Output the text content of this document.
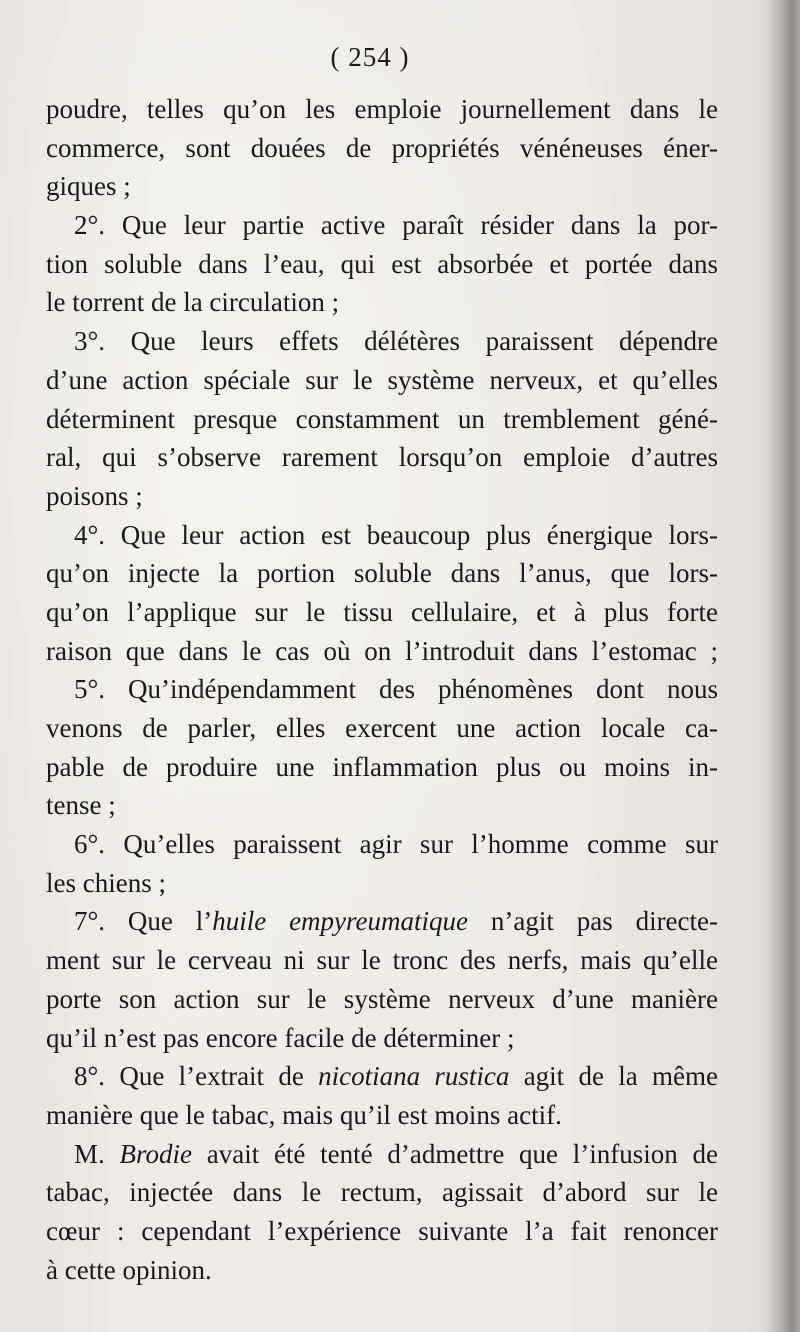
( 254 )
poudre, telles qu’on les emploie journellement dans le
commerce, sont douées de propriétés vénéneuses éner-
giques ;
2°. Que leur partie active paraît résider dans la por-
tion soluble dans l’eau, qui est absorbée et portée dans
le torrent de la circulation ;
3°. Que leurs effets délétères paraissent dépendre
d’une action spéciale sur le système nerveux, et qu’elles
déterminent presque constamment un tremblement géné-
ral, qui s’observe rarement lorsqu’on emploie d’autres
poisons ;
4°. Que leur action est beaucoup plus énergique lors-
qu’on injecte la portion soluble dans l’anus, que lors-
qu’on l’applique sur le tissu cellulaire, et à plus forte
raison que dans le cas où on l’introduit dans l’estomac ;
5°. Qu’indépendamment des phénomènes dont nous
venons de parler, elles exercent une action locale ca-
pable de produire une inflammation plus ou moins in-
tense ;
6°. Qu’elles paraissent agir sur l’homme comme sur
les chiens ;
7°. Que l’huile empyreumatique n’agit pas directe-
ment sur le cerveau ni sur le tronc des nerfs, mais qu’elle
porte son action sur le système nerveux d’une manière
qu’il n’est pas encore facile de déterminer ;
8°. Que l’extrait de nicotiana rustica agit de la même
manière que le tabac, mais qu’il est moins actif.
M. Brodie avait été tenté d’admettre que l’infusion de
tabac, injectée dans le rectum, agissait d’abord sur le
cœur : cependant l’expérience suivante l’a fait renoncer
à cette opinion.
